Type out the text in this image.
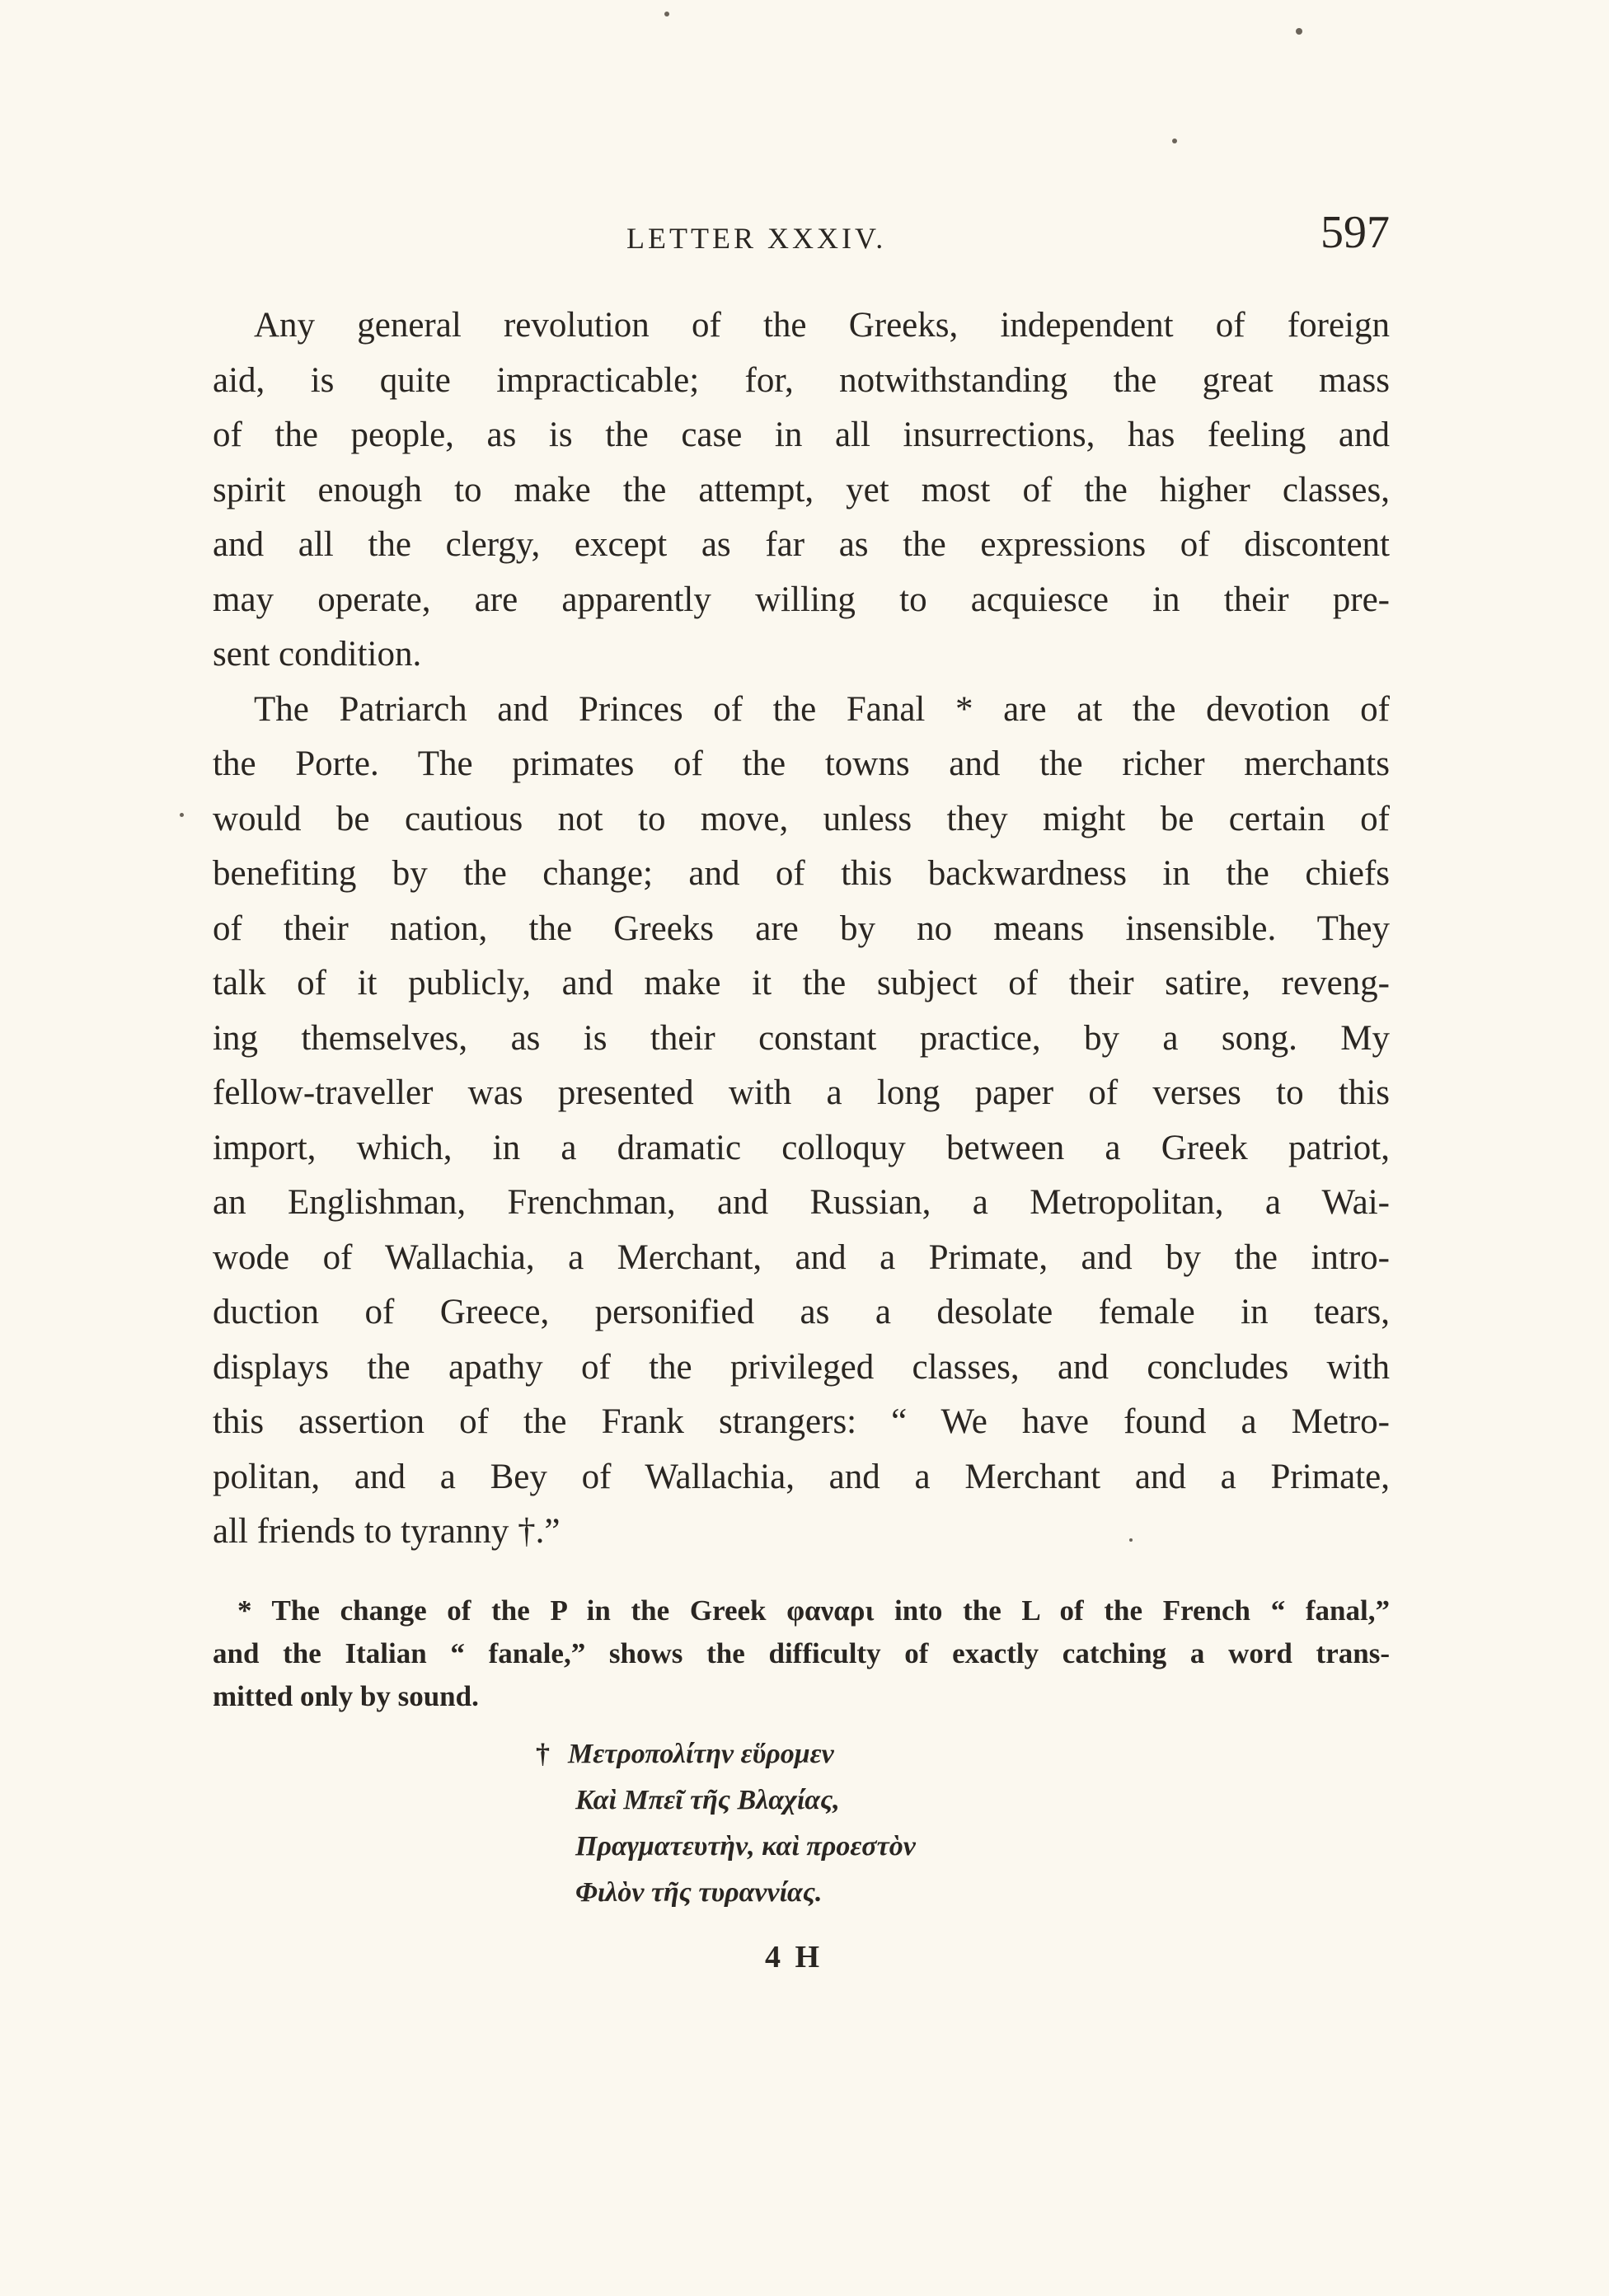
LETTER XXXIV.	597
Any general revolution of the Greeks, independent of foreign
aid, is quite impracticable; for, notwithstanding the great mass
of the people, as is the case in all insurrections, has feeling and
spirit enough to make the attempt, yet most of the higher classes,
and all the clergy, except as far as the expressions of discontent
may operate, are apparently willing to acquiesce in their pre-
sent condition.
The Patriarch and Princes of the Fanal * are at the devotion of
the Porte. The primates of the towns and the richer merchants
would be cautious not to move, unless they might be certain of
benefiting by the change; and of this backwardness in the chiefs
of their nation, the Greeks are by no means insensible. They
talk of it publicly, and make it the subject of their satire, reveng-
ing themselves, as is their constant practice, by a song. My
fellow-traveller was presented with a long paper of verses to this
import, which, in a dramatic colloquy between a Greek patriot,
an Englishman, Frenchman, and Russian, a Metropolitan, a Wai-
wode of Wallachia, a Merchant, and a Primate, and by the intro-
duction of Greece, personified as a desolate female in tears,
displays the apathy of the privileged classes, and concludes with
this assertion of the Frank strangers: “ We have found a Metro-
politan, and a Bey of Wallachia, and a Merchant and a Primate,
all friends to tyranny †.”
* The change of the P in the Greek φαναρι into the L of the French “ fanal,”
and the Italian “ fanale,” shows the difficulty of exactly catching a word trans-
mitted only by sound.
† Μετροπολίτην εὕρομεν
Καὶ Μπεῖ τῆς Βλαχίας,
Πραγματευτὴν, καὶ προεστὸν
Φιλὸν τῆς τυραννίας.
4 H
